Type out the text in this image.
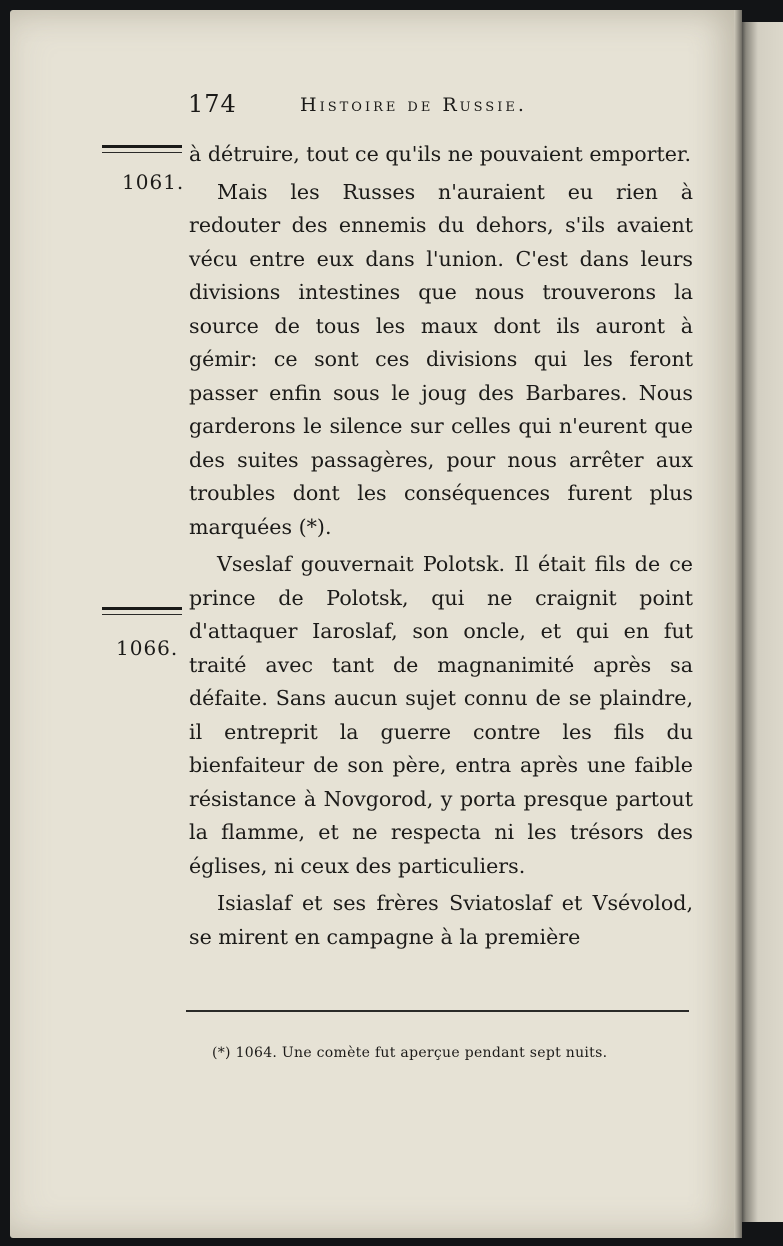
174	Histoire de Russie.
1061.
1066.

à détruire, tout ce qu'ils ne pouvaient emporter.

Mais les Russes n'auraient eu rien à redouter des ennemis du dehors, s'ils avaient vécu entre eux dans l'union. C'est dans leurs divisions intestines que nous trouverons la source de tous les maux dont ils auront à gémir: ce sont ces divisions qui les feront passer enfin sous le joug des Barbares. Nous garderons le silence sur celles qui n'eurent que des suites passagères, pour nous arrêter aux troubles dont les conséquences furent plus marquées (*).

Vseslaf gouvernait Polotsk. Il était fils de ce prince de Polotsk, qui ne craignit point d'attaquer Iaroslaf, son oncle, et qui en fut traité avec tant de magnanimité après sa défaite. Sans aucun sujet connu de se plaindre, il entreprit la guerre contre les fils du bienfaiteur de son père, entra après une faible résistance à Novgorod, y porta presque partout la flamme, et ne respecta ni les trésors des églises, ni ceux des particuliers.

Isiaslaf et ses frères Sviatoslaf et Vsévolod, se mirent en campagne à la première

(*) 1064. Une comète fut aperçue pendant sept nuits.
